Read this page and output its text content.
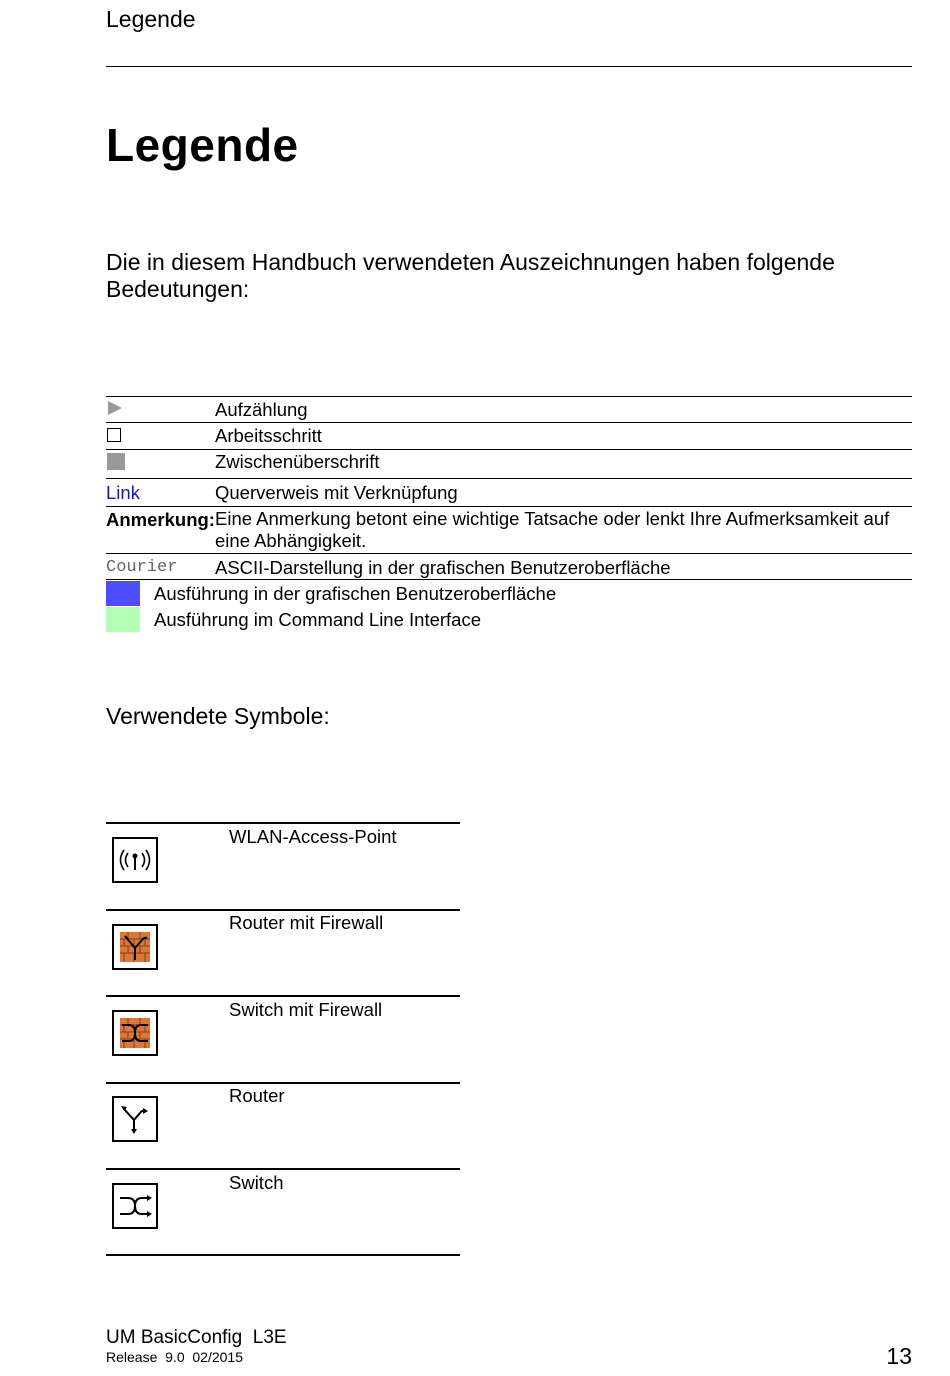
Legende
Legende
Die in diesem Handbuch verwendeten Auszeichnungen haben folgende Bedeutungen:
Aufzählung
Arbeitsschritt
Zwischenüberschrift
Link	Querverweis mit Verknüpfung
Anmerkung: Eine Anmerkung betont eine wichtige Tatsache oder lenkt Ihre Aufmerksamkeit auf eine Abhängigkeit.
Courier ASCII-Darstellung in der grafischen Benutzeroberfläche
Ausführung in der grafischen Benutzeroberfläche
Ausführung im Command Line Interface
Verwendete Symbole:
WLAN-Access-Point
Router mit Firewall
Switch mit Firewall
Router
Switch
UM BasicConfig  L3E
Release  9.0  02/2015	13
